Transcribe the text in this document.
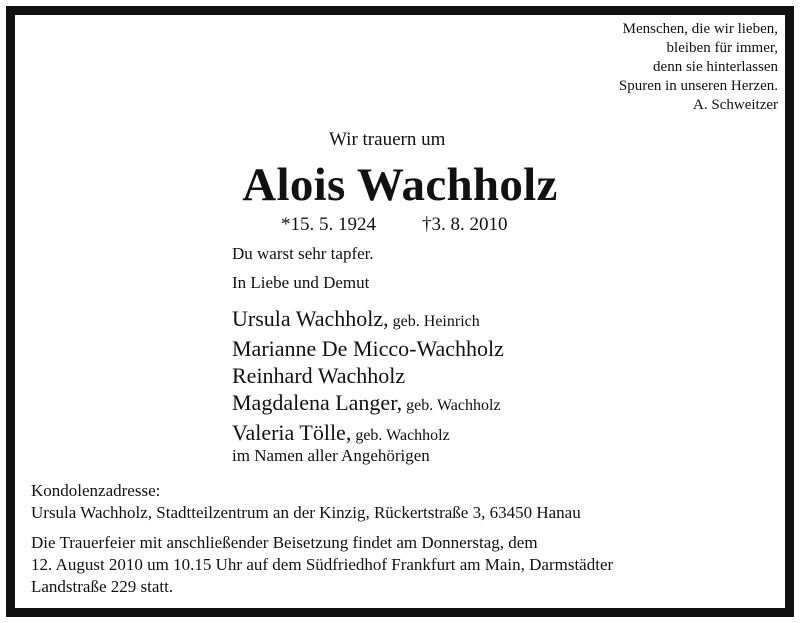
Menschen, die wir lieben,
bleiben für immer,
denn sie hinterlassen
Spuren in unseren Herzen.
A. Schweitzer
Wir trauern um
Alois Wachholz
*15. 5. 1924 †3. 8. 2010
Du warst sehr tapfer.
In Liebe und Demut
Ursula Wachholz, geb. Heinrich
Marianne De Micco-Wachholz
Reinhard Wachholz
Magdalena Langer, geb. Wachholz
Valeria Tölle, geb. Wachholz
im Namen aller Angehörigen
Kondolenzadresse:
Ursula Wachholz, Stadtteilzentrum an der Kinzig, Rückertstraße 3, 63450 Hanau
Die Trauerfeier mit anschließender Beisetzung findet am Donnerstag, dem
12. August 2010 um 10.15 Uhr auf dem Südfriedhof Frankfurt am Main, Darmstädter
Landstraße 229 statt.
